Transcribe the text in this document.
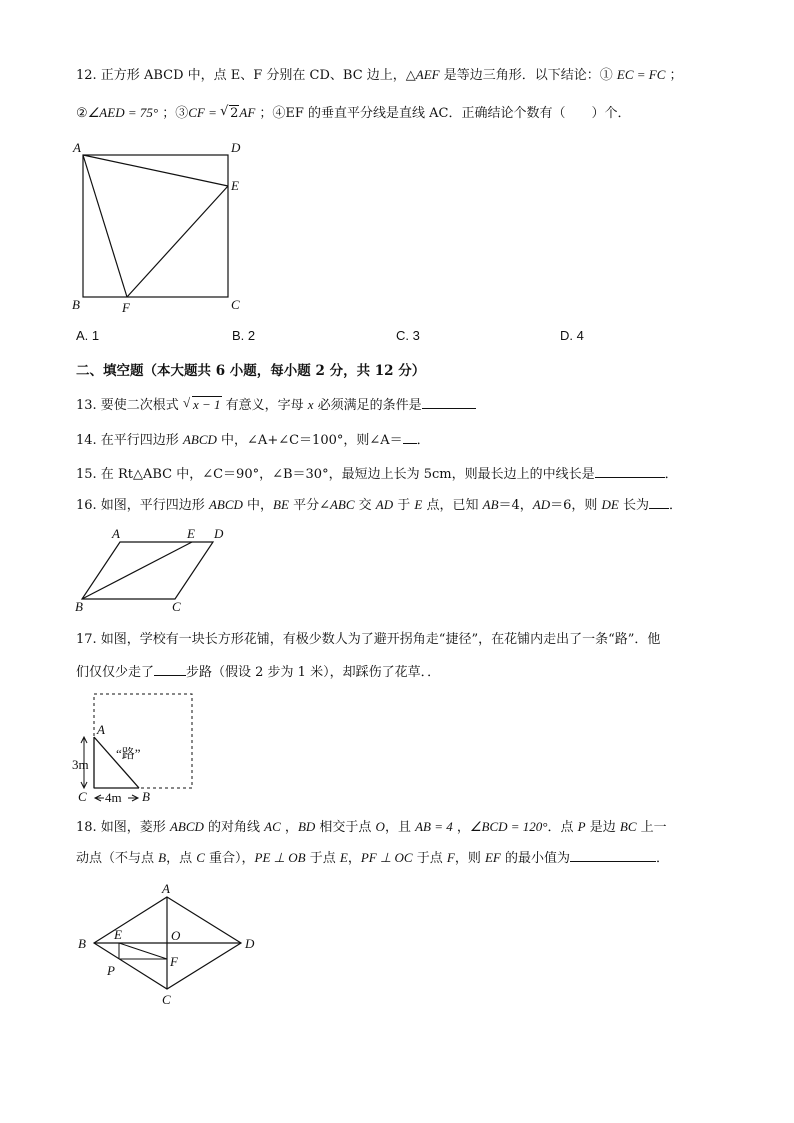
12. 正方形 ABCD 中，点 E、F 分别在 CD、BC 边上，△AEF 是等边三角形．以下结论：① EC = FC ；
②∠AED = 75° ；③CF = √ 2AF ；④EF 的垂直平分线是直线 AC．正确结论个数有（　　）个．
A. 1	B. 2	C. 3	D. 4
二、填空题（本大题共 6 小题，每小题 2 分，共 12 分）
13. 要使二次根式 √ x − 1 有意义，字母 x 必须满足的条件是
14. 在平行四边形 ABCD 中，∠A+∠C＝100°，则∠A＝ ．
15. 在 Rt△ABC 中，∠C＝90°，∠B＝30°，最短边上长为 5cm，则最长边上的中线长是	．
16. 如图，平行四边形 ABCD 中，BE 平分∠ABC 交 AD 于 E 点，已知 AB＝4，AD＝6，则 DE 长为 ．
17. 如图，学校有一块长方形花铺，有极少数人为了避开拐角走“捷径”，在花铺内走出了一条“路”．他
们仅仅少走了 步路（假设 2 步为 1 米），却踩伤了花草．．
18. 如图，菱形 ABCD 的对角线 AC ，BD 相交于点 O，且 AB = 4 ，∠BCD = 120°．点 P 是边 BC 上一
动点（不与点 B，点 C 重合），PE ⊥ OB 于点 E，PF ⊥ OC 于点 F，则 EF 的最小值为	．
A	D
E
B	F	C
A	E D
B	C
A
“路”
3m
C 4m B
A
B
E	O
D
P
F
C
